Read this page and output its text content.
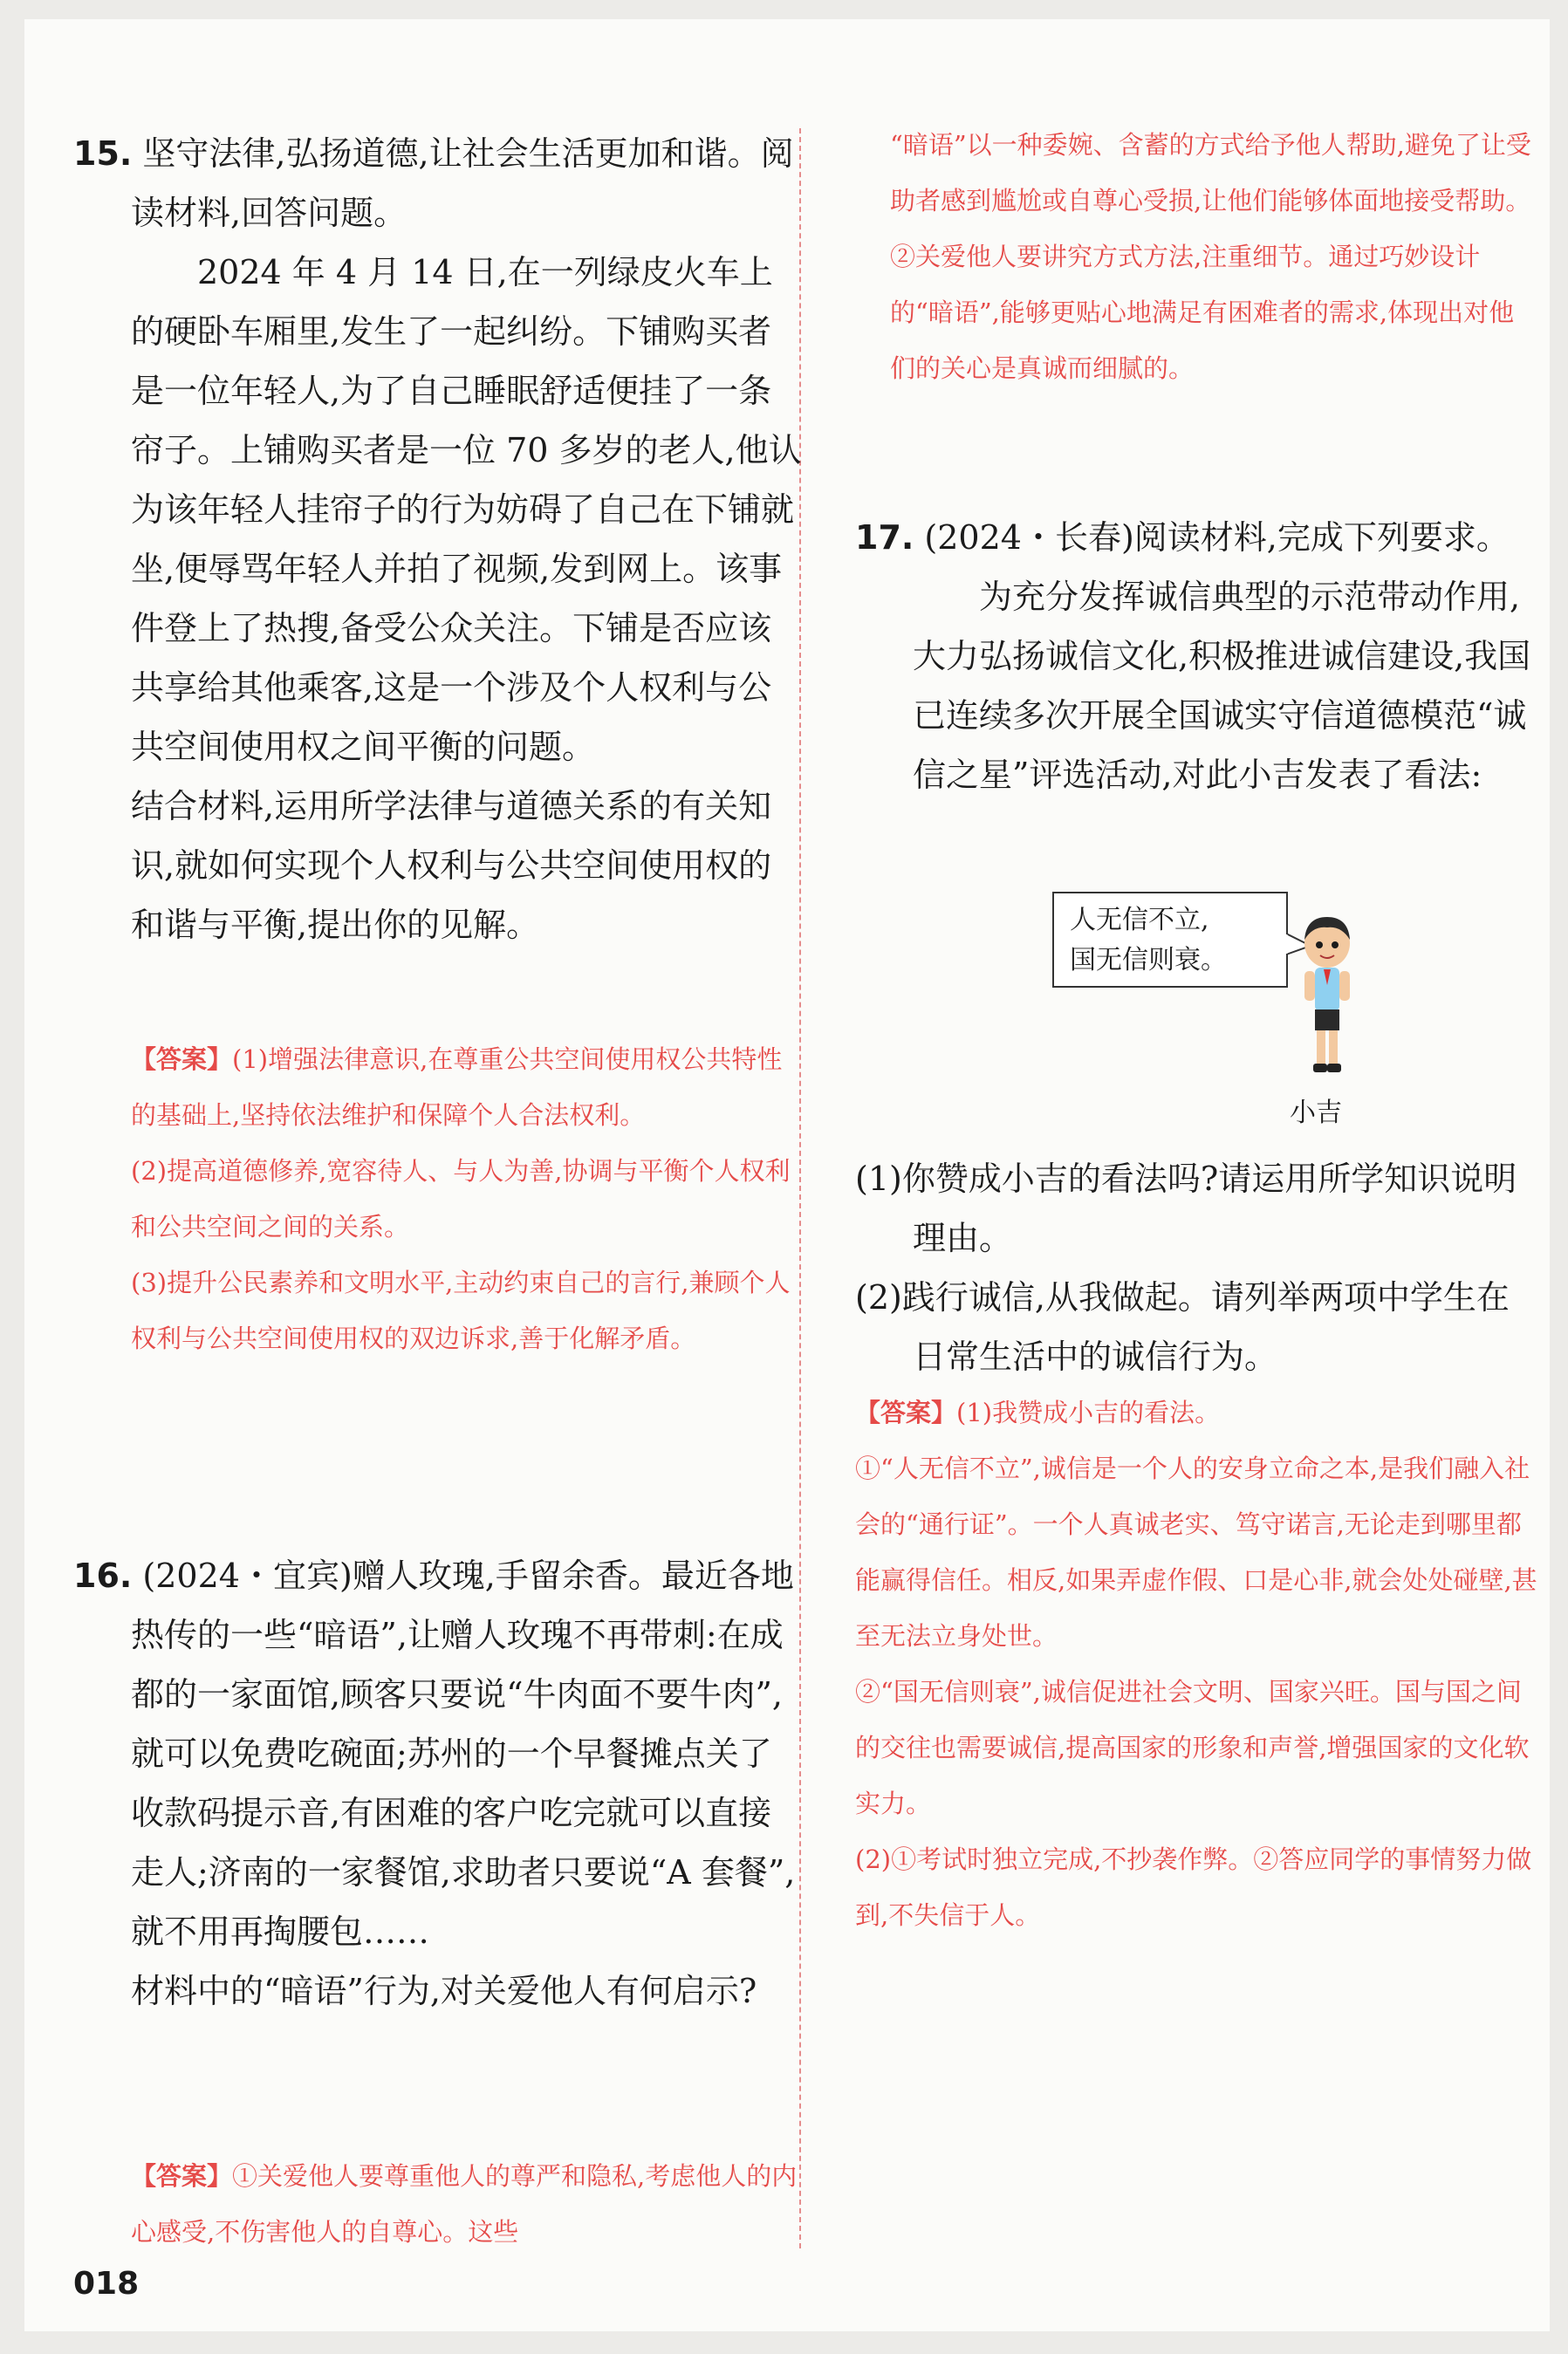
15. 坚守法律,弘扬道德,让社会生活更加和谐。阅读材料,回答问题。

2024 年 4 月 14 日,在一列绿皮火车上的硬卧车厢里,发生了一起纠纷。下铺购买者是一位年轻人,为了自己睡眠舒适便挂了一条帘子。上铺购买者是一位 70 多岁的老人,他认为该年轻人挂帘子的行为妨碍了自己在下铺就坐,便辱骂年轻人并拍了视频,发到网上。该事件登上了热搜,备受公众关注。下铺是否应该共享给其他乘客,这是一个涉及个人权利与公共空间使用权之间平衡的问题。

结合材料,运用所学法律与道德关系的有关知识,就如何实现个人权利与公共空间使用权的和谐与平衡,提出你的见解。

【答案】(1)增强法律意识,在尊重公共空间使用权公共特性的基础上,坚持依法维护和保障个人合法权利。

(2)提高道德修养,宽容待人、与人为善,协调与平衡个人权利和公共空间之间的关系。

(3)提升公民素养和文明水平,主动约束自己的言行,兼顾个人权利与公共空间使用权的双边诉求,善于化解矛盾。

16. (2024・宜宾)赠人玫瑰,手留余香。最近各地热传的一些“暗语”,让赠人玫瑰不再带刺:在成都的一家面馆,顾客只要说“牛肉面不要牛肉”,就可以免费吃碗面;苏州的一个早餐摊点关了收款码提示音,有困难的客户吃完就可以直接走人;济南的一家餐馆,求助者只要说“A 套餐”,就不用再掏腰包……

材料中的“暗语”行为,对关爱他人有何启示?

【答案】①关爱他人要尊重他人的尊严和隐私,考虑他人的内心感受,不伤害他人的自尊心。这些

“暗语”以一种委婉、含蓄的方式给予他人帮助,避免了让受助者感到尴尬或自尊心受损,让他们能够体面地接受帮助。

②关爱他人要讲究方式方法,注重细节。通过巧妙设计的“暗语”,能够更贴心地满足有困难者的需求,体现出对他们的关心是真诚而细腻的。

17. (2024・长春)阅读材料,完成下列要求。

为充分发挥诚信典型的示范带动作用,大力弘扬诚信文化,积极推进诚信建设,我国已连续多次开展全国诚实守信道德模范“诚信之星”评选活动,对此小吉发表了看法:

人无信不立,
国无信则衰。
小吉

(1)你赞成小吉的看法吗?请运用所学知识说明理由。

(2)践行诚信,从我做起。请列举两项中学生在日常生活中的诚信行为。

【答案】(1)我赞成小吉的看法。

①“人无信不立”,诚信是一个人的安身立命之本,是我们融入社会的“通行证”。一个人真诚老实、笃守诺言,无论走到哪里都能赢得信任。相反,如果弄虚作假、口是心非,就会处处碰壁,甚至无法立身处世。

②“国无信则衰”,诚信促进社会文明、国家兴旺。国与国之间的交往也需要诚信,提高国家的形象和声誉,增强国家的文化软实力。

(2)①考试时独立完成,不抄袭作弊。②答应同学的事情努力做到,不失信于人。

018
